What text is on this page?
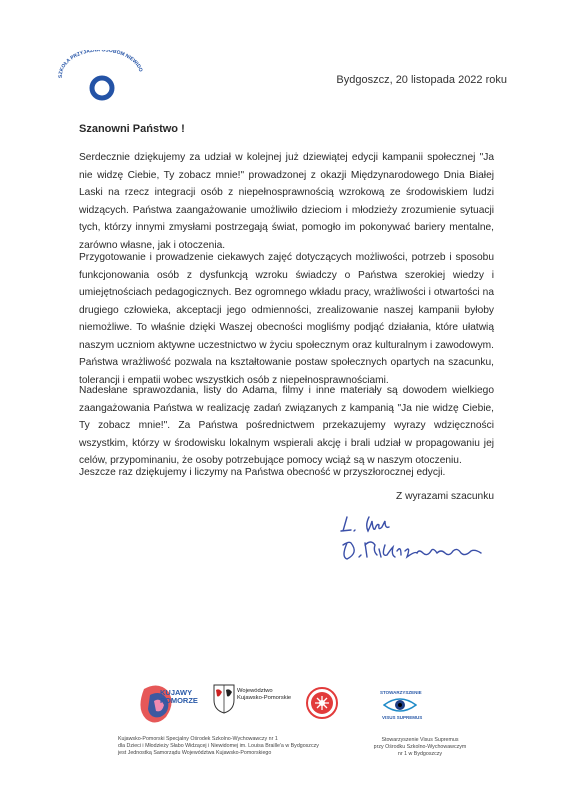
SZKOŁA PRZYJAZNA OSOBOM NIEWIDO
Bydgoszcz, 20 listopada 2022 roku
Szanowni Państwo !
Serdecznie dziękujemy za udział w kolejnej już dziewiątej edycji kampanii społecznej "Ja nie widzę Ciebie, Ty zobacz mnie!" prowadzonej z okazji Międzynarodowego Dnia Białej Laski na rzecz integracji osób z niepełnosprawnością wzrokową ze środowiskiem ludzi widzących. Państwa zaangażowanie umożliwiło dzieciom i młodzieży zrozumienie sytuacji tych, którzy innymi zmysłami postrzegają świat, pomogło im pokonywać bariery mentalne, zarówno własne, jak i otoczenia.
Przygotowanie i prowadzenie ciekawych zajęć dotyczących możliwości, potrzeb i sposobu funkcjonowania osób z dysfunkcją wzroku świadczy o Państwa szerokiej wiedzy i umiejętnościach pedagogicznych. Bez ogromnego wkładu pracy, wrażliwości i otwartości na drugiego człowieka, akceptacji jego odmienności, zrealizowanie naszej kampanii byłoby niemożliwe. To właśnie dzięki Waszej obecności mogliśmy podjąć działania, które ułatwią naszym uczniom aktywne uczestnictwo w życiu społecznym oraz kulturalnym i zawodowym. Państwa wrażliwość pozwala na kształtowanie postaw społecznych opartych na szacunku, tolerancji i empatii wobec wszystkich osób z niepełnosprawnościami.
Nadesłane sprawozdania, listy do Adama, filmy i inne materiały są dowodem wielkiego zaangażowania Państwa w realizację zadań związanych z kampanią "Ja nie widzę Ciebie, Ty zobacz mnie!". Za Państwa pośrednictwem przekazujemy wyrazy wdzięczności wszystkim, którzy w środowisku lokalnym wspierali akcję i brali udział w propagowaniu jej celów, przypominaniu, że osoby potrzebujące pomocy wciąż są w naszym otoczeniu.
Jeszcze raz dziękujemy i liczymy na Państwa obecność w przyszłorocznej edycji.
Z wyrazami szacunku
KUJAWY
POMORZE
Województwo
Kujawsko-Pomorskie
STOWARZYSZENIE
VISUS SUPREMUS
Kujawsko-Pomorski Specjalny Ośrodek Szkolno-Wychowawczy nr 1
dla Dzieci i Młodzieży Słabo Widzącej i Niewidomej im. Louisa Braille'a w Bydgoszczy
jest Jednostką Samorządu Województwa Kujawsko-Pomorskiego
Stowarzyszenie Visus Supremus
przy Ośrodku Szkolno-Wychowawczym
nr 1 w Bydgoszczy
